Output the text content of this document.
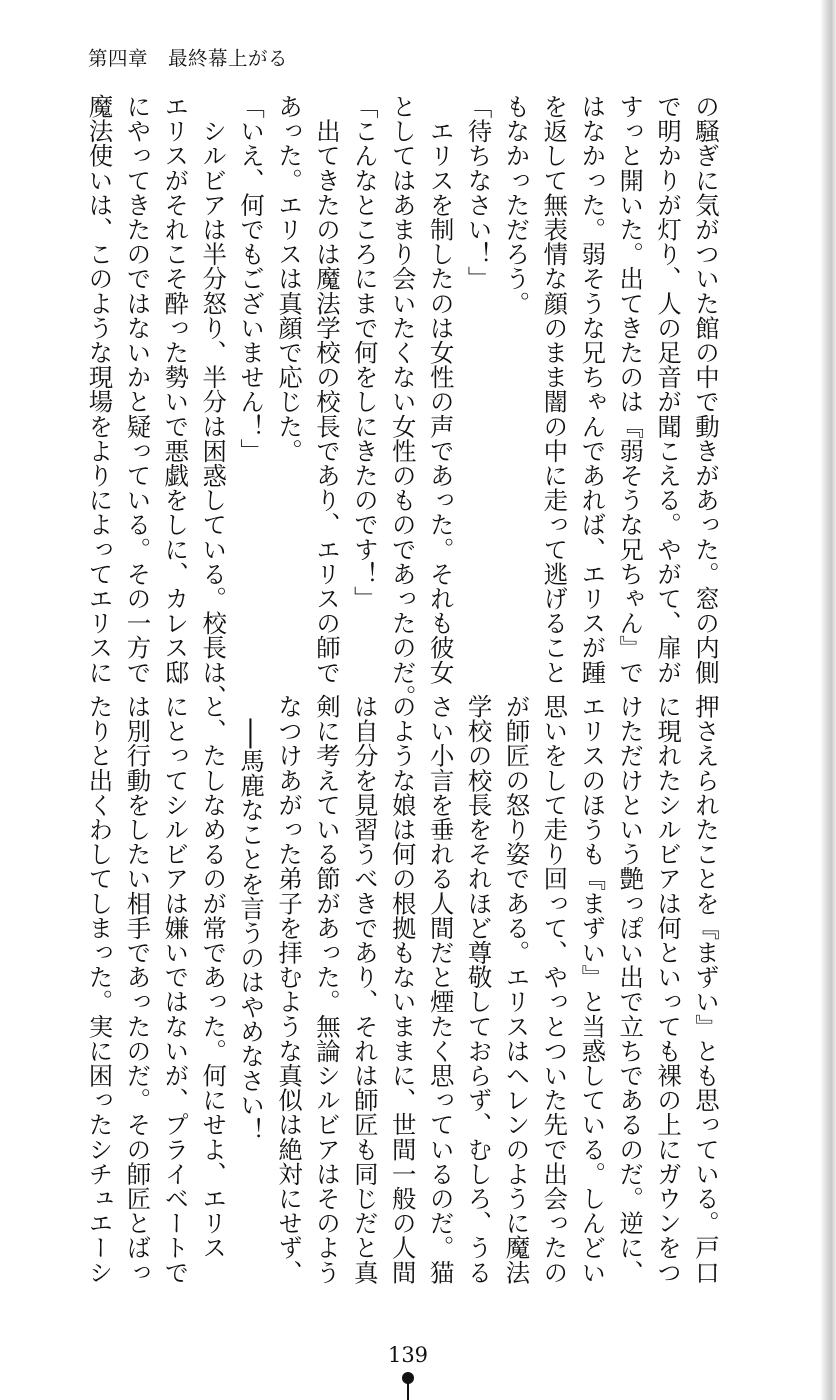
第四章　最終幕上がる
の騒ぎに気がついた館の中で動きがあった。窓の内側
で明かりが灯り、人の足音が聞こえる。やがて、扉が
すっと開いた。出てきたのは『弱そうな兄ちゃん』で
はなかった。弱そうな兄ちゃんであれば、エリスが踵
を返して無表情な顔のまま闇の中に走って逃げること
もなかっただろう。
「待ちなさい！」
　エリスを制したのは女性の声であった。それも彼女
としてはあまり会いたくない女性のものであったのだ。
「こんなところにまで何をしにきたのです！」
　出てきたのは魔法学校の校長であり、エリスの師で
あった。エリスは真顔で応じた。
「いえ、何でもございません！」
　シルビアは半分怒り、半分は困惑している。校長は、
エリスがそれこそ酔った勢いで悪戯をしに、カレス邸
にやってきたのではないかと疑っている。その一方で
魔法使いは、このような現場をよりによってエリスに
押さえられたことを『まずい』とも思っている。戸口
に現れたシルビアは何といっても裸の上にガウンをつ
けただけという艶っぽい出で立ちであるのだ。逆に、
エリスのほうも『まずい』と当惑している。しんどい
思いをして走り回って、やっとついた先で出会ったの
が師匠の怒り姿である。エリスはヘレンのように魔法
学校の校長をそれほど尊敬しておらず、むしろ、うる
さい小言を垂れる人間だと煙たく思っているのだ。猫
のような娘は何の根拠もないままに、世間一般の人間
は自分を見習うべきであり、それは師匠も同じだと真
剣に考えている節があった。無論シルビアはそのよう
なつけあがった弟子を拝むような真似は絶対にせず、
　──馬鹿なことを言うのはやめなさい！
と、たしなめるのが常であった。何にせよ、エリス
にとってシルビアは嫌いではないが、プライベートで
は別行動をしたい相手であったのだ。その師匠とばっ
たりと出くわしてしまった。実に困ったシチュエーシ
139
